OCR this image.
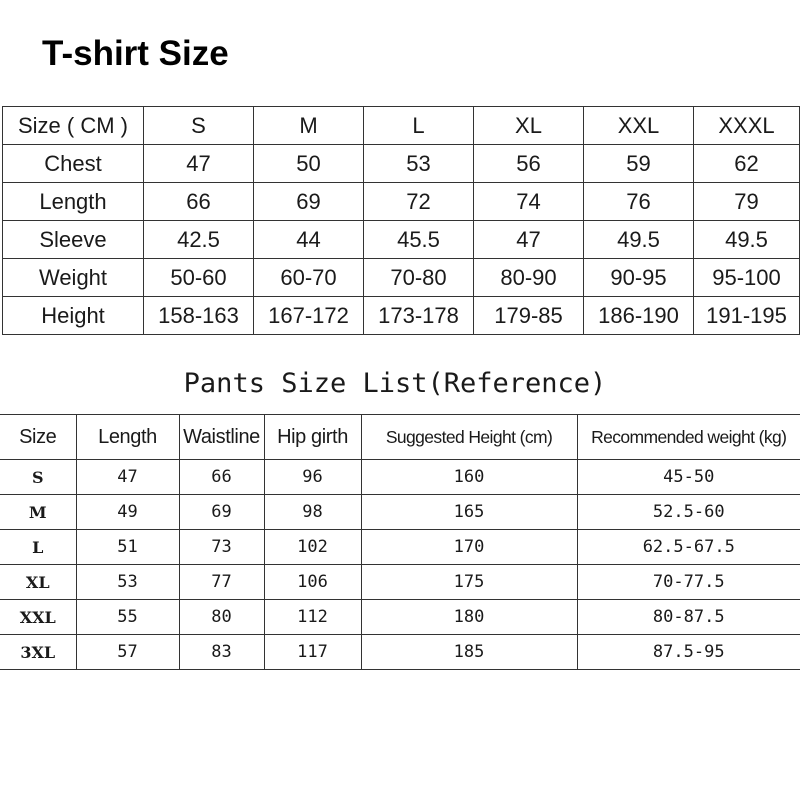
T-shirt Size
Size ( CM )	S	M	L	XL	XXL	XXXL
Chest	47	50	53	56	59	62
Length	66	69	72	74	76	79
Sleeve	42.5	44	45.5	47	49.5	49.5
Weight	50-60	60-70	70-80	80-90	90-95	95-100
Height	158-163	167-172	173-178	179-85	186-190	191-195
Pants Size List(Reference)
Size	Length	Waistline	Hip girth	Suggested Height (cm)	Recommended weight (kg)
S	47	66	96	160	45-50
M	49	69	98	165	52.5-60
L	51	73	102	170	62.5-67.5
XL	53	77	106	175	70-77.5
XXL	55	80	112	180	80-87.5
3XL	57	83	117	185	87.5-95
